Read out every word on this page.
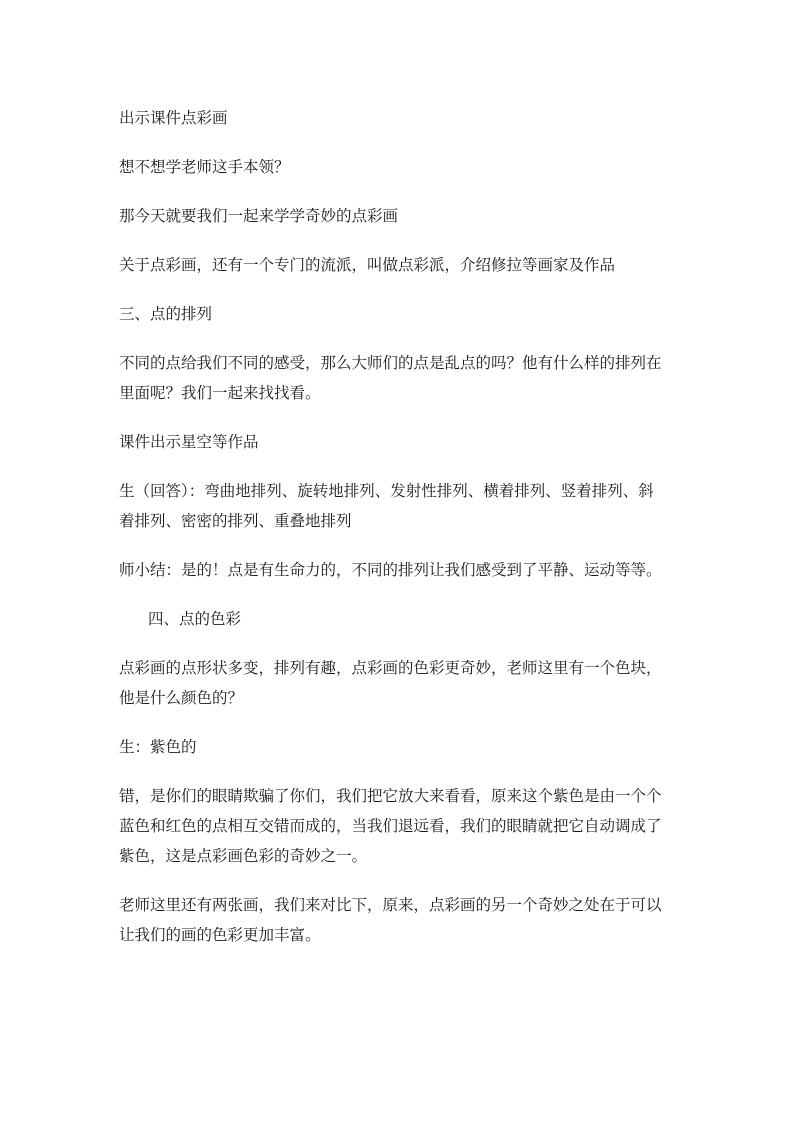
出示课件点彩画

想不想学老师这手本领？

那今天就要我们一起来学学奇妙的点彩画

关于点彩画，还有一个专门的流派，叫做点彩派，介绍修拉等画家及作品

三、点的排列

不同的点给我们不同的感受，那么大师们的点是乱点的吗？他有什么样的排列在
里面呢？我们一起来找找看。

课件出示星空等作品

生（回答）：弯曲地排列、旋转地排列、发射性排列、横着排列、竖着排列、斜
着排列、密密的排列、重叠地排列

师小结：是的！点是有生命力的，不同的排列让我们感受到了平静、运动等等。

四、点的色彩

点彩画的点形状多变，排列有趣，点彩画的色彩更奇妙，老师这里有一个色块，
他是什么颜色的？

生：紫色的

错，是你们的眼睛欺骗了你们，我们把它放大来看看，原来这个紫色是由一个个
蓝色和红色的点相互交错而成的，当我们退远看，我们的眼睛就把它自动调成了
紫色，这是点彩画色彩的奇妙之一。

老师这里还有两张画，我们来对比下，原来，点彩画的另一个奇妙之处在于可以
让我们的画的色彩更加丰富。
